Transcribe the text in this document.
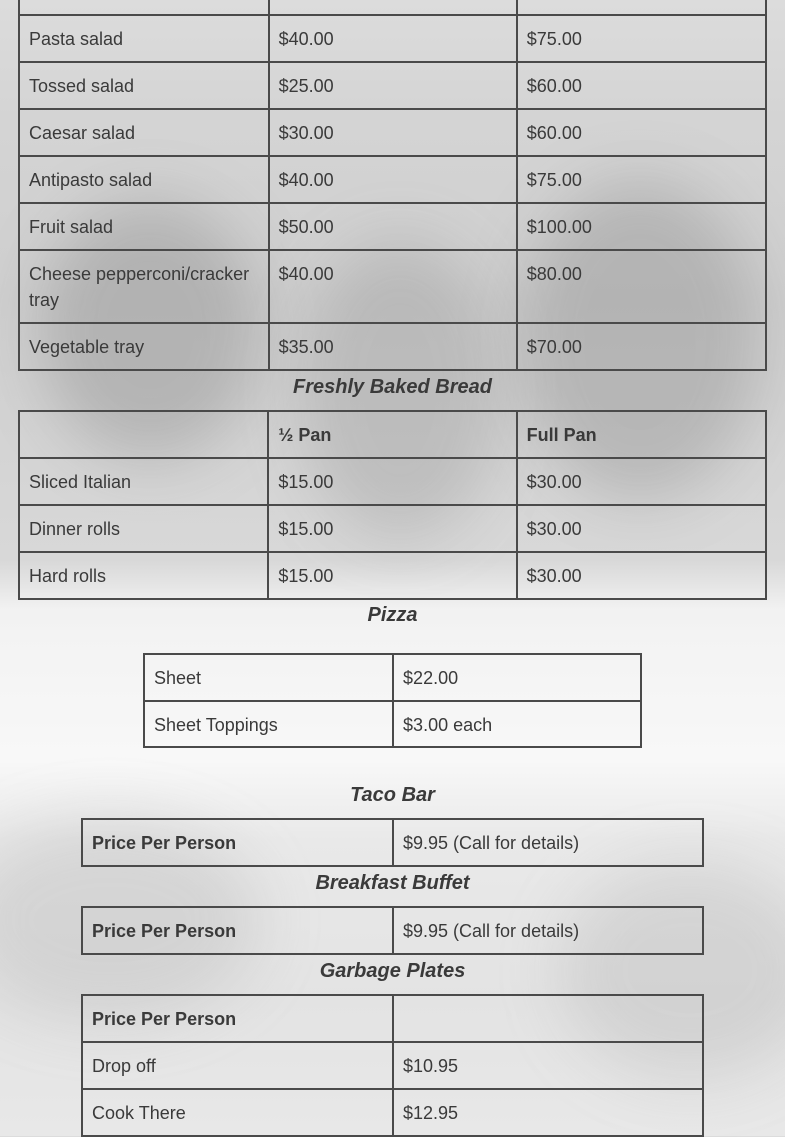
Pasta salad	$40.00	$75.00
Tossed salad	$25.00	$60.00
Caesar salad	$30.00	$60.00
Antipasto salad	$40.00	$75.00
Fruit salad	$50.00	$100.00
Cheese pepperconi/cracker tray	$40.00	$80.00
Vegetable tray	$35.00	$70.00
Freshly Baked Bread
	½ Pan	Full Pan
Sliced Italian	$15.00	$30.00
Dinner rolls	$15.00	$30.00
Hard rolls	$15.00	$30.00
Pizza
Sheet	$22.00
Sheet Toppings	$3.00 each
Taco Bar
Price Per Person	$9.95 (Call for details)
Breakfast Buffet
Price Per Person	$9.95 (Call for details)
Garbage Plates
Price Per Person	
Drop off	$10.95
Cook There	$12.95
